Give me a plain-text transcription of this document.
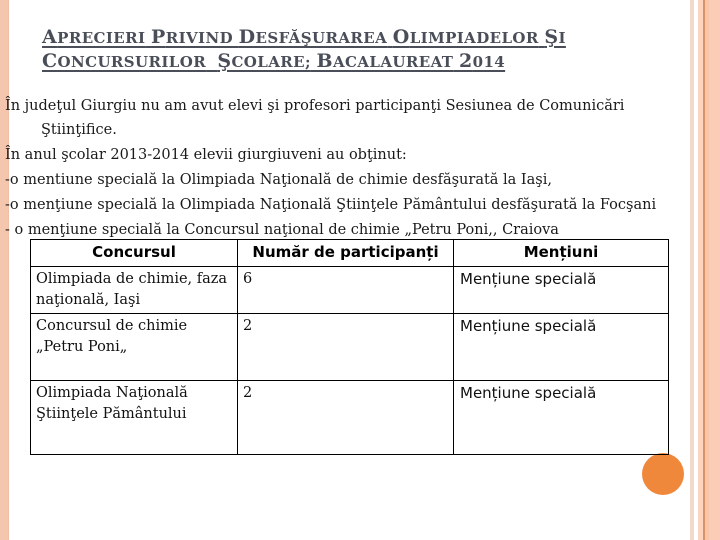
APRECIERI PRIVIND DESFĂŞURAREA OLIMPIADELOR ŞI
CONCURSURILOR ŞCOLARE; BACALAUREAT 2014

În judeţul Giurgiu nu am avut elevi şi profesori participanţi Sesiunea de Comunicări Ştiinţifice.

În anul şcolar 2013-2014 elevii giurgiuveni au obţinut:

-o mentiune specială la Olimpiada Naţională de chimie desfăşurată la Iaşi,

-o menţiune specială la Olimpiada Naţională Ştiinţele Pământului desfăşurată la Focşani

- o menţiune specială la Concursul naţional de chimie „Petru Poni,, Craiova

Concursul	Număr de participanți	Mențiuni
Olimpiada de chimie, faza naţională, Iaşi	6	Mențiune specială
Concursul de chimie „Petru Poni„	2	Mențiune specială
Olimpiada Naţională Ştiinţele Pământului	2	Mențiune specială
